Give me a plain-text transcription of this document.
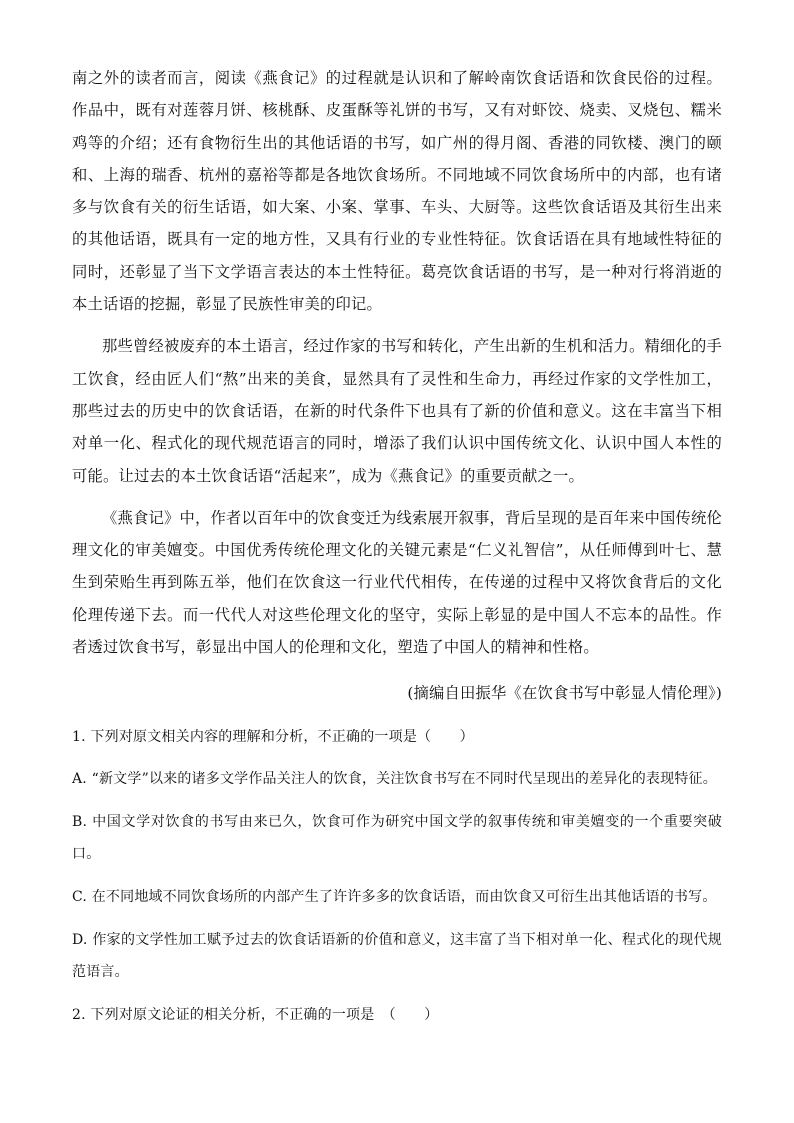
南之外的读者而言，阅读《燕食记》的过程就是认识和了解岭南饮食话语和饮食民俗的过程。作品中，既有对莲蓉月饼、核桃酥、皮蛋酥等礼饼的书写，又有对虾饺、烧卖、叉烧包、糯米鸡等的介绍；还有食物衍生出的其他话语的书写，如广州的得月阁、香港的同钦楼、澳门的颐和、上海的瑞香、杭州的嘉裕等都是各地饮食场所。不同地域不同饮食场所中的内部，也有诸多与饮食有关的衍生话语，如大案、小案、掌事、车头、大厨等。这些饮食话语及其衍生出来的其他话语，既具有一定的地方性，又具有行业的专业性特征。饮食话语在具有地域性特征的同时，还彰显了当下文学语言表达的本土性特征。葛亮饮食话语的书写，是一种对行将消逝的本土话语的挖掘，彰显了民族性审美的印记。

那些曾经被废弃的本土语言，经过作家的书写和转化，产生出新的生机和活力。精细化的手工饮食，经由匠人们“熬”出来的美食，显然具有了灵性和生命力，再经过作家的文学性加工，那些过去的历史中的饮食话语，在新的时代条件下也具有了新的价值和意义。这在丰富当下相对单一化、程式化的现代规范语言的同时，增添了我们认识中国传统文化、认识中国人本性的可能。让过去的本土饮食话语“活起来”，成为《燕食记》的重要贡献之一。

《燕食记》中，作者以百年中的饮食变迁为线索展开叙事，背后呈现的是百年来中国传统伦理文化的审美嬗变。中国优秀传统伦理文化的关键元素是“仁义礼智信”，从任师傅到叶七、慧生到荣贻生再到陈五举，他们在饮食这一行业代代相传，在传递的过程中又将饮食背后的文化伦理传递下去。而一代代人对这些伦理文化的坚守，实际上彰显的是中国人不忘本的品性。作者透过饮食书写，彰显出中国人的伦理和文化，塑造了中国人的精神和性格。

(摘编自田振华《在饮食书写中彰显人情伦理》)
1. 下列对原文相关内容的理解和分析，不正确的一项是（　　）
A. “新文学”以来的诸多文学作品关注人的饮食，关注饮食书写在不同时代呈现出的差异化的表现特征。
B. 中国文学对饮食的书写由来已久，饮食可作为研究中国文学的叙事传统和审美嬗变的一个重要突破口。
C. 在不同地域不同饮食场所的内部产生了许许多多的饮食话语，而由饮食又可衍生出其他话语的书写。
D. 作家的文学性加工赋予过去的饮食话语新的价值和意义，这丰富了当下相对单一化、程式化的现代规范语言。
2. 下列对原文论证的相关分析，不正确的一项是　（　　）
